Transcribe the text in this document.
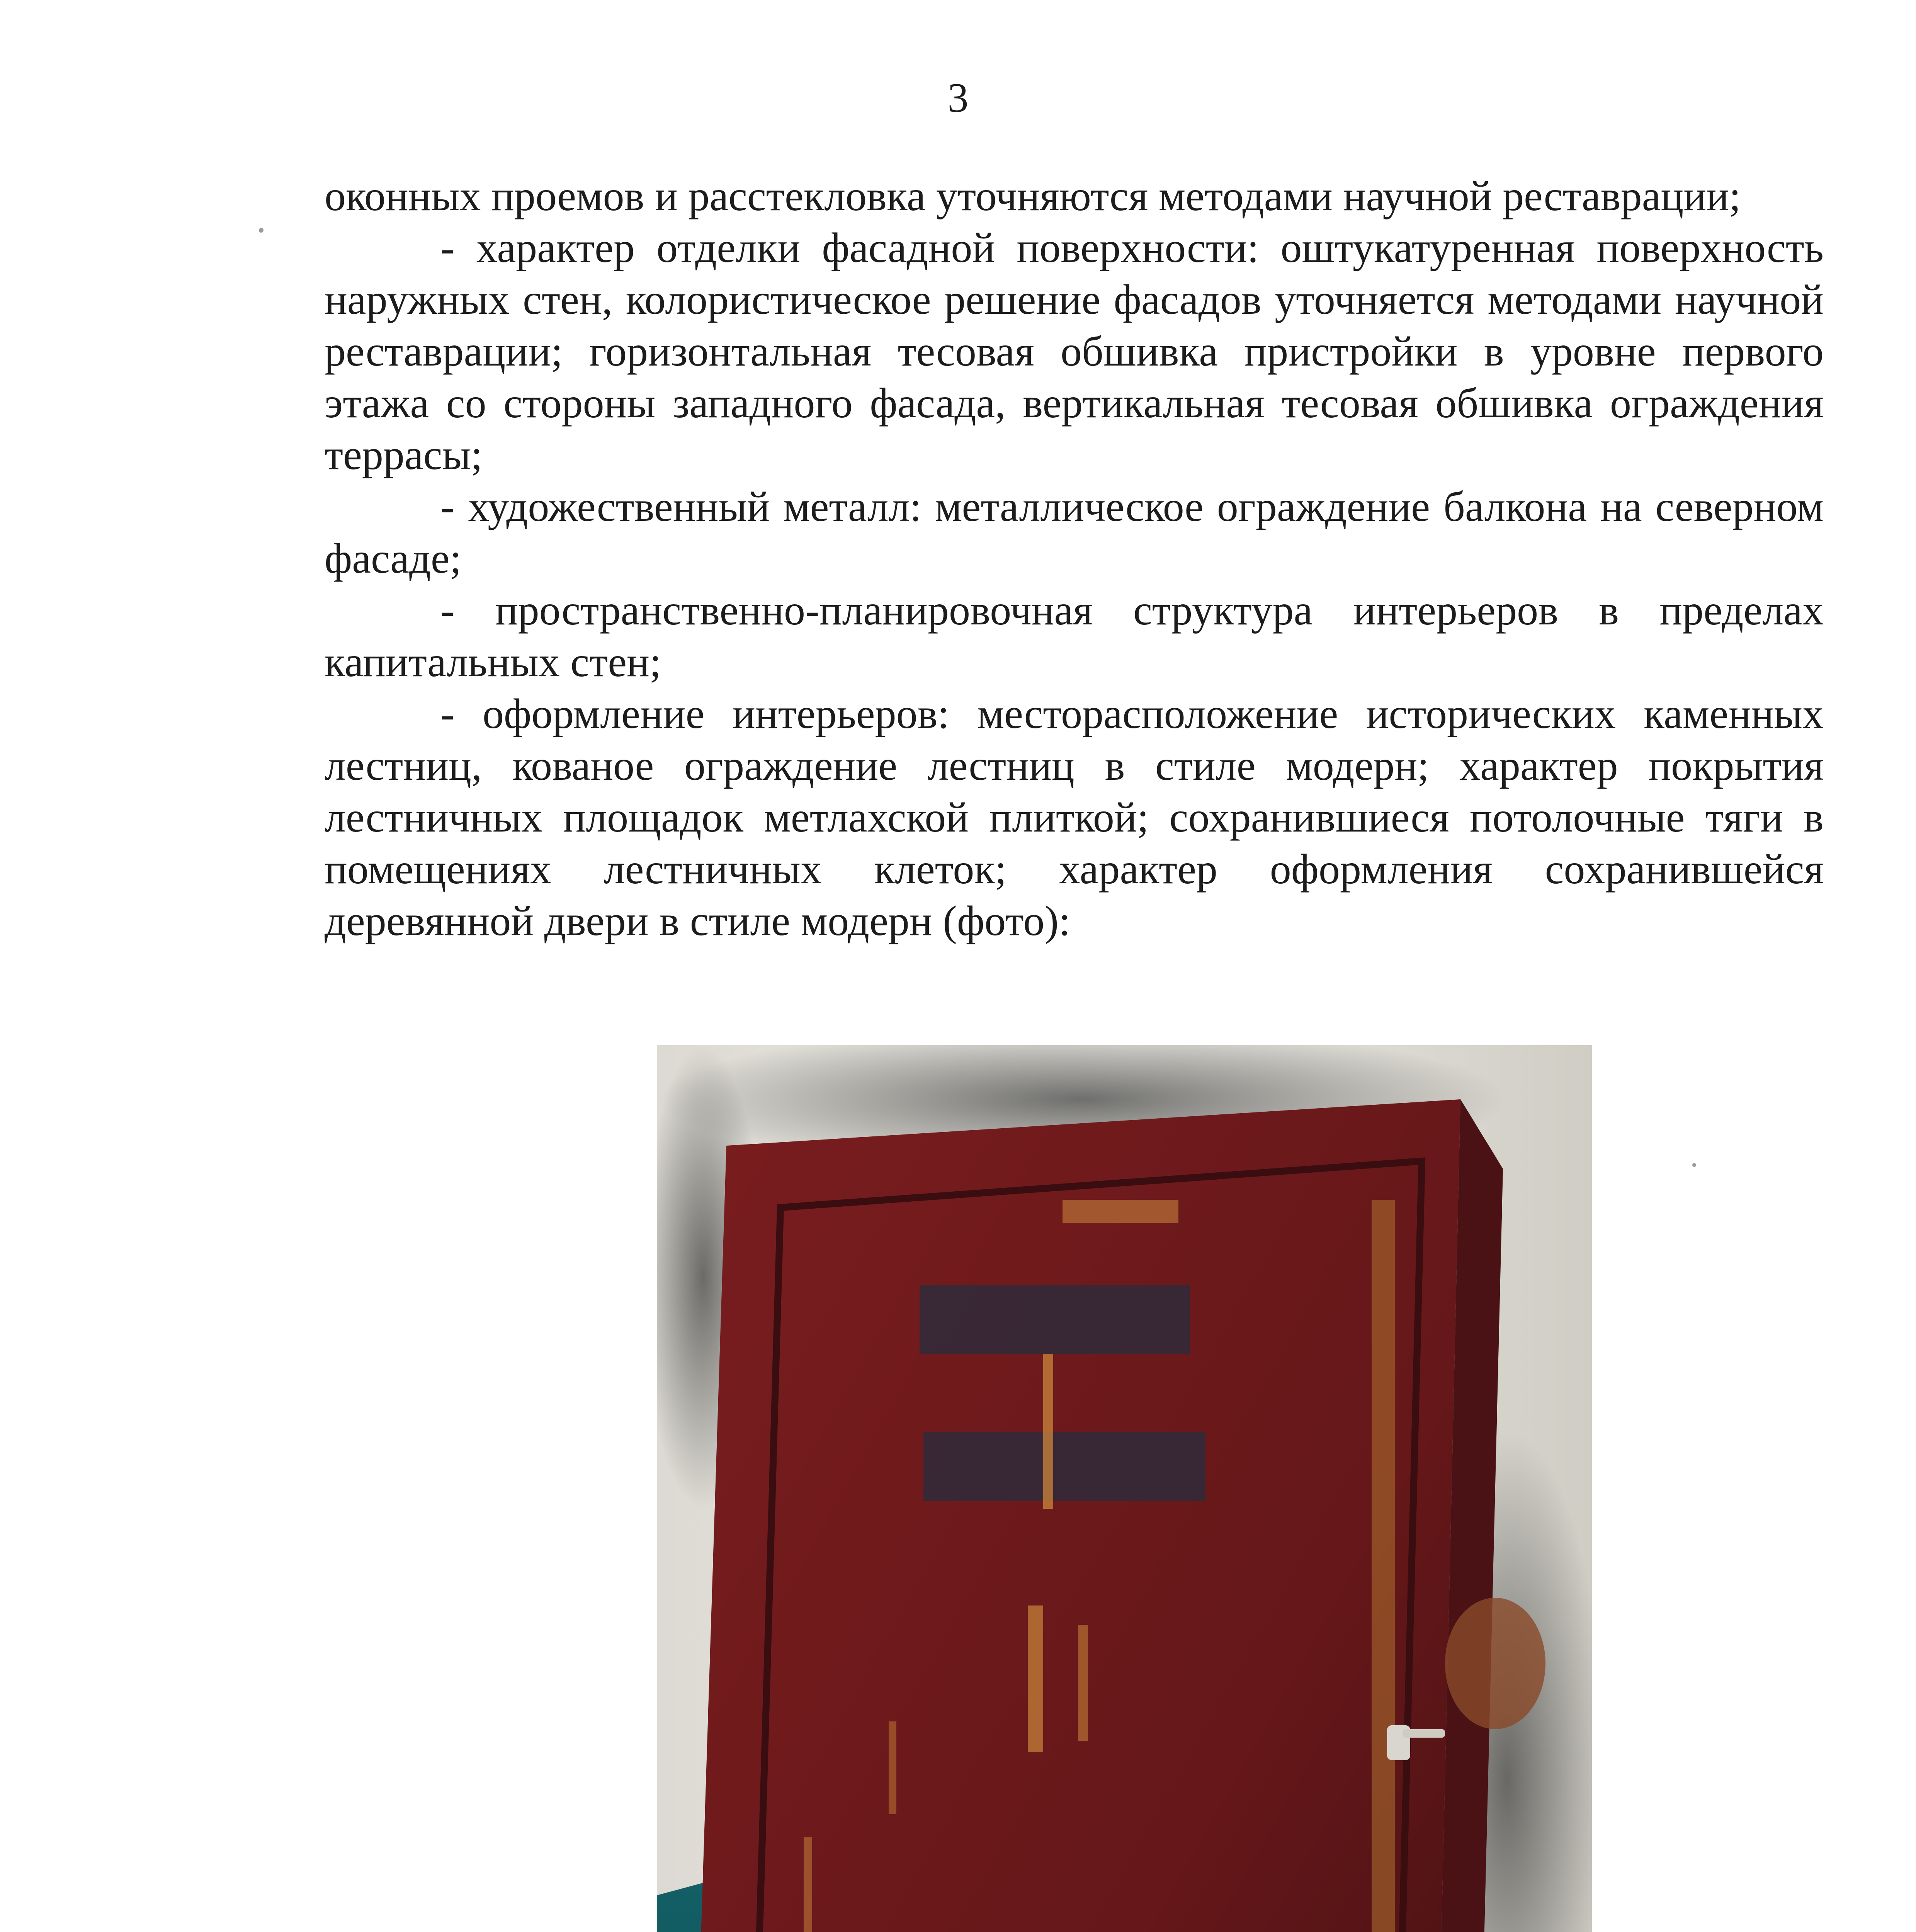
3

оконных проемов и расстекловка уточняются методами научной реставрации;

- характер отделки фасадной поверхности: оштукатуренная поверхность наружных стен, колористическое решение фасадов уточняется методами научной реставрации; горизонтальная тесовая обшивка пристройки в уровне первого этажа со стороны западного фасада, вертикальная тесовая обшивка ограждения террасы;

- художественный металл: металлическое ограждение балкона на северном фасаде;

- пространственно-планировочная структура интерьеров в пределах капитальных стен;

- оформление интерьеров: месторасположение исторических каменных лестниц, кованое ограждение лестниц в стиле модерн; характер покрытия лестничных площадок метлахской плиткой; сохранившиеся потолочные тяги в помещениях лестничных клеток; характер оформления сохранившейся деревянной двери в стиле модерн (фото):
